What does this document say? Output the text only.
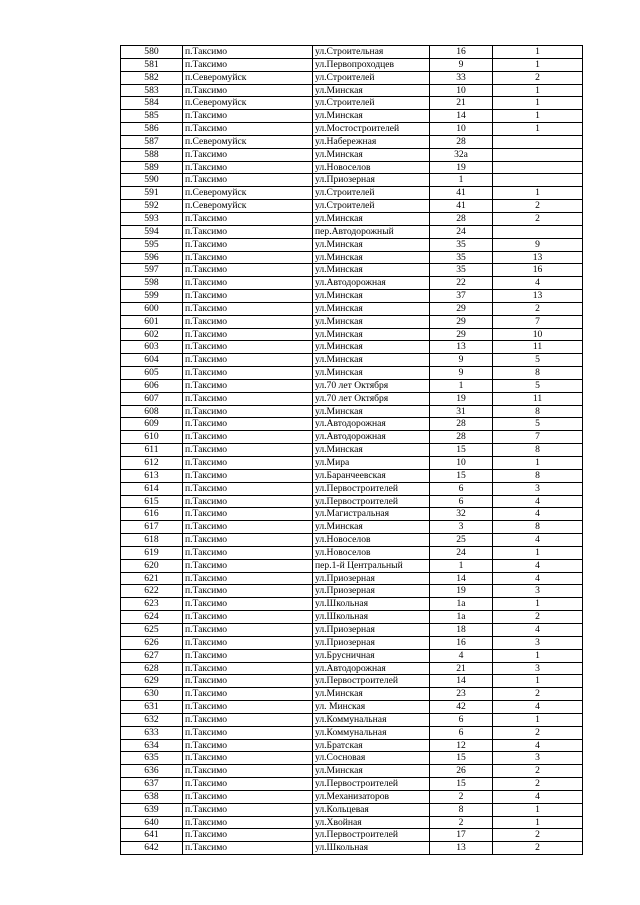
580	п.Таксимо	ул.Строительная	16	1
581	п.Таксимо	ул.Первопроходцев	9	1
582	п.Северомуйск	ул.Строителей	33	2
583	п.Таксимо	ул.Минская	10	1
584	п.Северомуйск	ул.Строителей	21	1
585	п.Таксимо	ул.Минская	14	1
586	п.Таксимо	ул.Мостостроителей	10	1
587	п.Северомуйск	ул.Набережная	28	
588	п.Таксимо	ул.Минская	32а	
589	п.Таксимо	ул.Новоселов	19	
590	п.Таксимо	ул.Приозерная	1	
591	п.Северомуйск	ул.Строителей	41	1
592	п.Северомуйск	ул.Строителей	41	2
593	п.Таксимо	ул.Минская	28	2
594	п.Таксимо	пер.Автодорожный	24	
595	п.Таксимо	ул.Минская	35	9
596	п.Таксимо	ул.Минская	35	13
597	п.Таксимо	ул.Минская	35	16
598	п.Таксимо	ул.Автодорожная	22	4
599	п.Таксимо	ул.Минская	37	13
600	п.Таксимо	ул.Минская	29	2
601	п.Таксимо	ул.Минская	29	7
602	п.Таксимо	ул.Минская	29	10
603	п.Таксимо	ул.Минская	13	11
604	п.Таксимо	ул.Минская	9	5
605	п.Таксимо	ул.Минская	9	8
606	п.Таксимо	ул.70 лет Октября	1	5
607	п.Таксимо	ул.70 лет Октября	19	11
608	п.Таксимо	ул.Минская	31	8
609	п.Таксимо	ул.Автодорожная	28	5
610	п.Таксимо	ул.Автодорожная	28	7
611	п.Таксимо	ул.Минская	15	8
612	п.Таксимо	ул.Мира	10	1
613	п.Таксимо	ул.Баранчеевская	15	8
614	п.Таксимо	ул.Первостроителей	6	3
615	п.Таксимо	ул.Первостроителей	6	4
616	п.Таксимо	ул.Магистральная	32	4
617	п.Таксимо	ул.Минская	3	8
618	п.Таксимо	ул.Новоселов	25	4
619	п.Таксимо	ул.Новоселов	24	1
620	п.Таксимо	пер.1-й Центральный	1	4
621	п.Таксимо	ул.Приозерная	14	4
622	п.Таксимо	ул.Приозерная	19	3
623	п.Таксимо	ул.Школьная	1а	1
624	п.Таксимо	ул.Школьная	1а	2
625	п.Таксимо	ул.Приозерная	18	4
626	п.Таксимо	ул.Приозерная	16	3
627	п.Таксимо	ул.Брусничная	4	1
628	п.Таксимо	ул.Автодорожная	21	3
629	п.Таксимо	ул.Первостроителей	14	1
630	п.Таксимо	ул.Минская	23	2
631	п.Таксимо	ул. Минская	42	4
632	п.Таксимо	ул.Коммунальная	6	1
633	п.Таксимо	ул.Коммунальная	6	2
634	п.Таксимо	ул.Братская	12	4
635	п.Таксимо	ул.Сосновая	15	3
636	п.Таксимо	ул.Минская	26	2
637	п.Таксимо	ул.Первостроителей	15	2
638	п.Таксимо	ул.Механизаторов	2	4
639	п.Таксимо	ул.Кольцевая	8	1
640	п.Таксимо	ул.Хвойная	2	1
641	п.Таксимо	ул.Первостроителей	17	2
642	п.Таксимо	ул.Школьная	13	2
